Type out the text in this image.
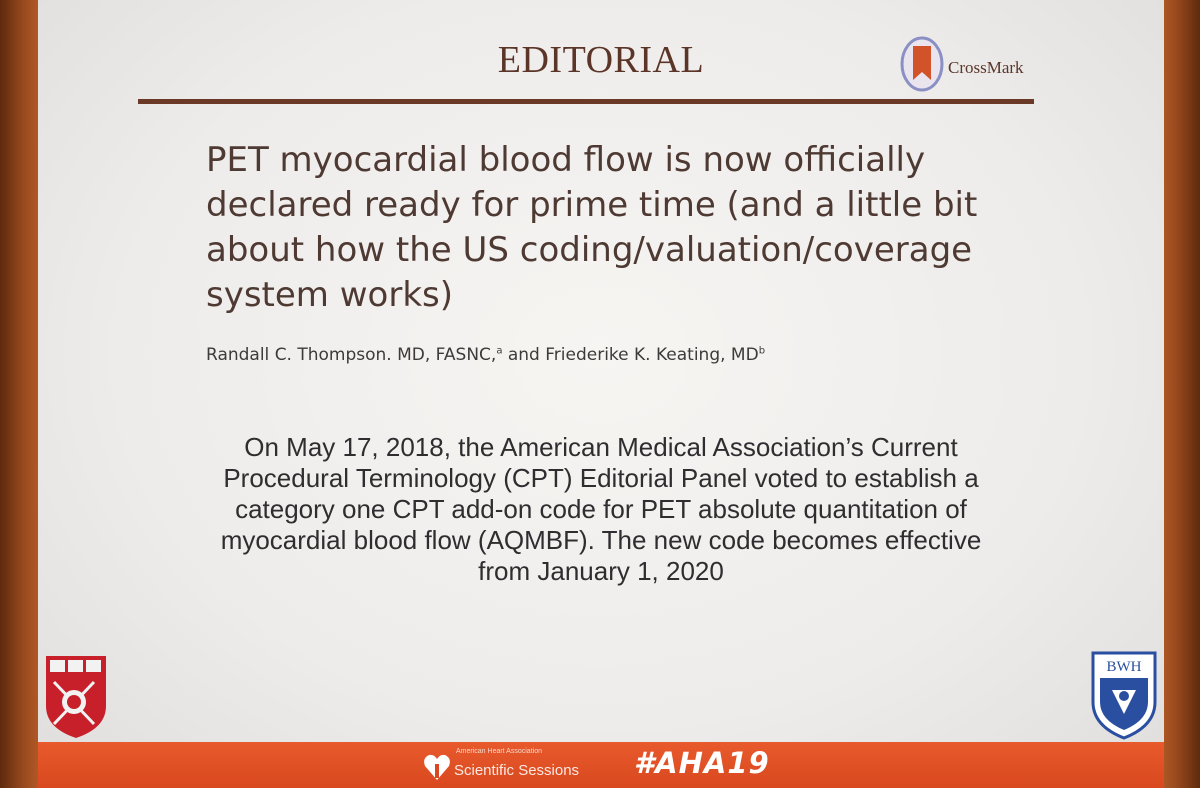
EDITORIAL	CrossMark
PET myocardial blood flow is now officially
declared ready for prime time (and a little bit
about how the US coding/valuation/coverage
system works)
Randall C. Thompson. MD, FASNC,$^a$ and Friederike K. Keating, $MD^b$
On May 17, 2018, the American Medical Association’s Current
Procedural Terminology (CPT) Editorial Panel voted to establish a
category one CPT add-on code for PET absolute quantitation of
myocardial blood flow (AQMBF). The new code becomes effective
from January 1, 2020
BWH
American Heart Association
Scientific Sessions #AHA19
